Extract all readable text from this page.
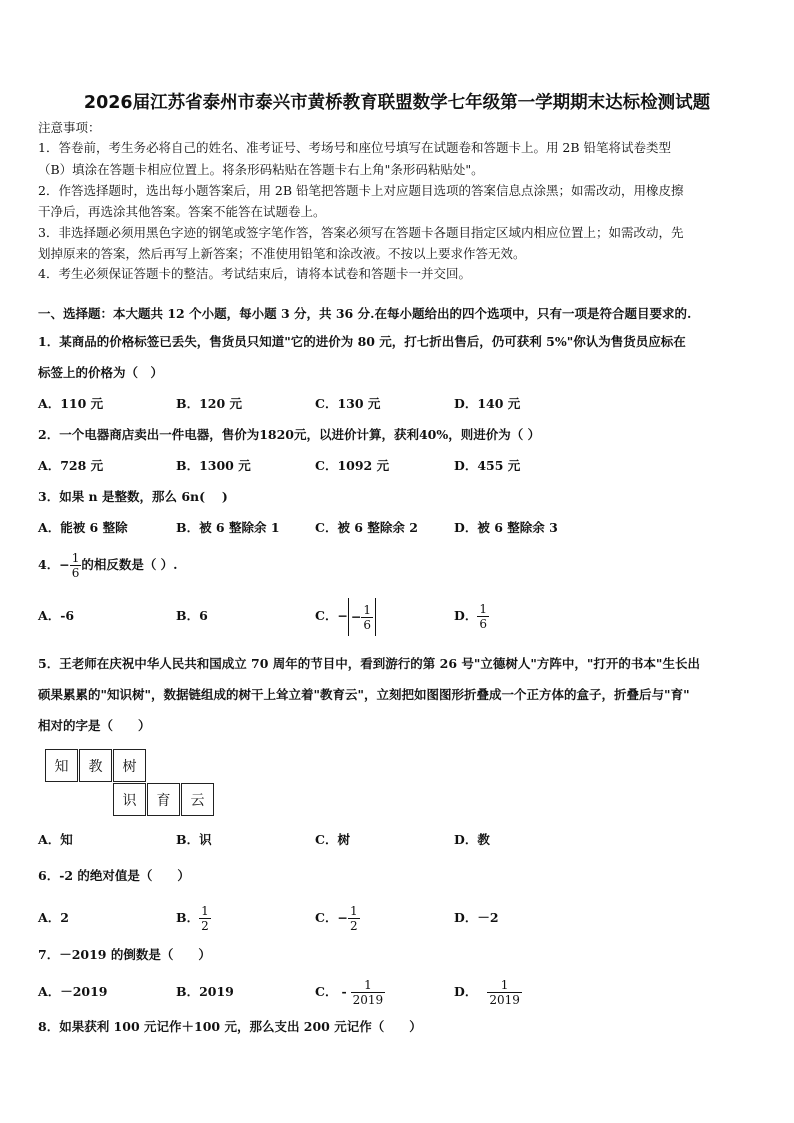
2026届江苏省泰州市泰兴市黄桥教育联盟数学七年级第一学期期末达标检测试题
注意事项：
1．答卷前，考生务必将自己的姓名、准考证号、考场号和座位号填写在试题卷和答题卡上。用 2B 铅笔将试卷类型
（B）填涂在答题卡相应位置上。将条形码粘贴在答题卡右上角"条形码粘贴处"。
2．作答选择题时，选出每小题答案后，用 2B 铅笔把答题卡上对应题目选项的答案信息点涂黑；如需改动，用橡皮擦
干净后，再选涂其他答案。答案不能答在试题卷上。
3．非选择题必须用黑色字迹的钢笔或签字笔作答，答案必须写在答题卡各题目指定区域内相应位置上；如需改动，先
划掉原来的答案，然后再写上新答案；不准使用铅笔和涂改液。不按以上要求作答无效。
4．考生必须保证答题卡的整洁。考试结束后，请将本试卷和答题卡一并交回。
一、选择题：本大题共 12 个小题，每小题 3 分，共 36 分.在每小题给出的四个选项中，只有一项是符合题目要求的.
1．某商品的价格标签已丢失，售货员只知道"它的进价为 80 元，打七折出售后，仍可获利 5%"你认为售货员应标在
标签上的价格为（　）
A．110 元	B．120 元	C．130 元	D．140 元
2．一个电器商店卖出一件电器，售价为1820元，以进价计算，获利40%，则进价为（ ）
A．728 元	B．1300 元	C．1092 元	D．455 元
3．如果 n 是整数，那么 6n(　 )
A．能被 6 整除	B．被 6 整除余 1	C．被 6 整除余 2	D．被 6 整除余 3
4．− $\frac{1}{6}$ 的相反数是（ ）.
A．-6	B．6	C．− − $\frac{1}{6}$	D． $\frac{1}{6}$
5．王老师在庆祝中华人民共和国成立 70 周年的节目中，看到游行的第 26 号"立德树人"方阵中，"打开的书本"生长出
硕果累累的"知识树"，数据链组成的树干上耸立着"教育云"，立刻把如图图形折叠成一个正方体的盒子，折叠后与"育"
相对的字是（　　）
知	教	树
识	育	云
A．知	B．识	C．树	D．教
6．-2 的绝对值是（　　）
A．2	B． $\frac{1}{2}$	C．− $\frac{1}{2}$	D．－2
7．－2019 的倒数是（　　）
A．－2019	B．2019	C． - $\frac{1}{2019}$	D． $\frac{1}{2019}$
8．如果获利 100 元记作＋100 元，那么支出 200 元记作（　　）
